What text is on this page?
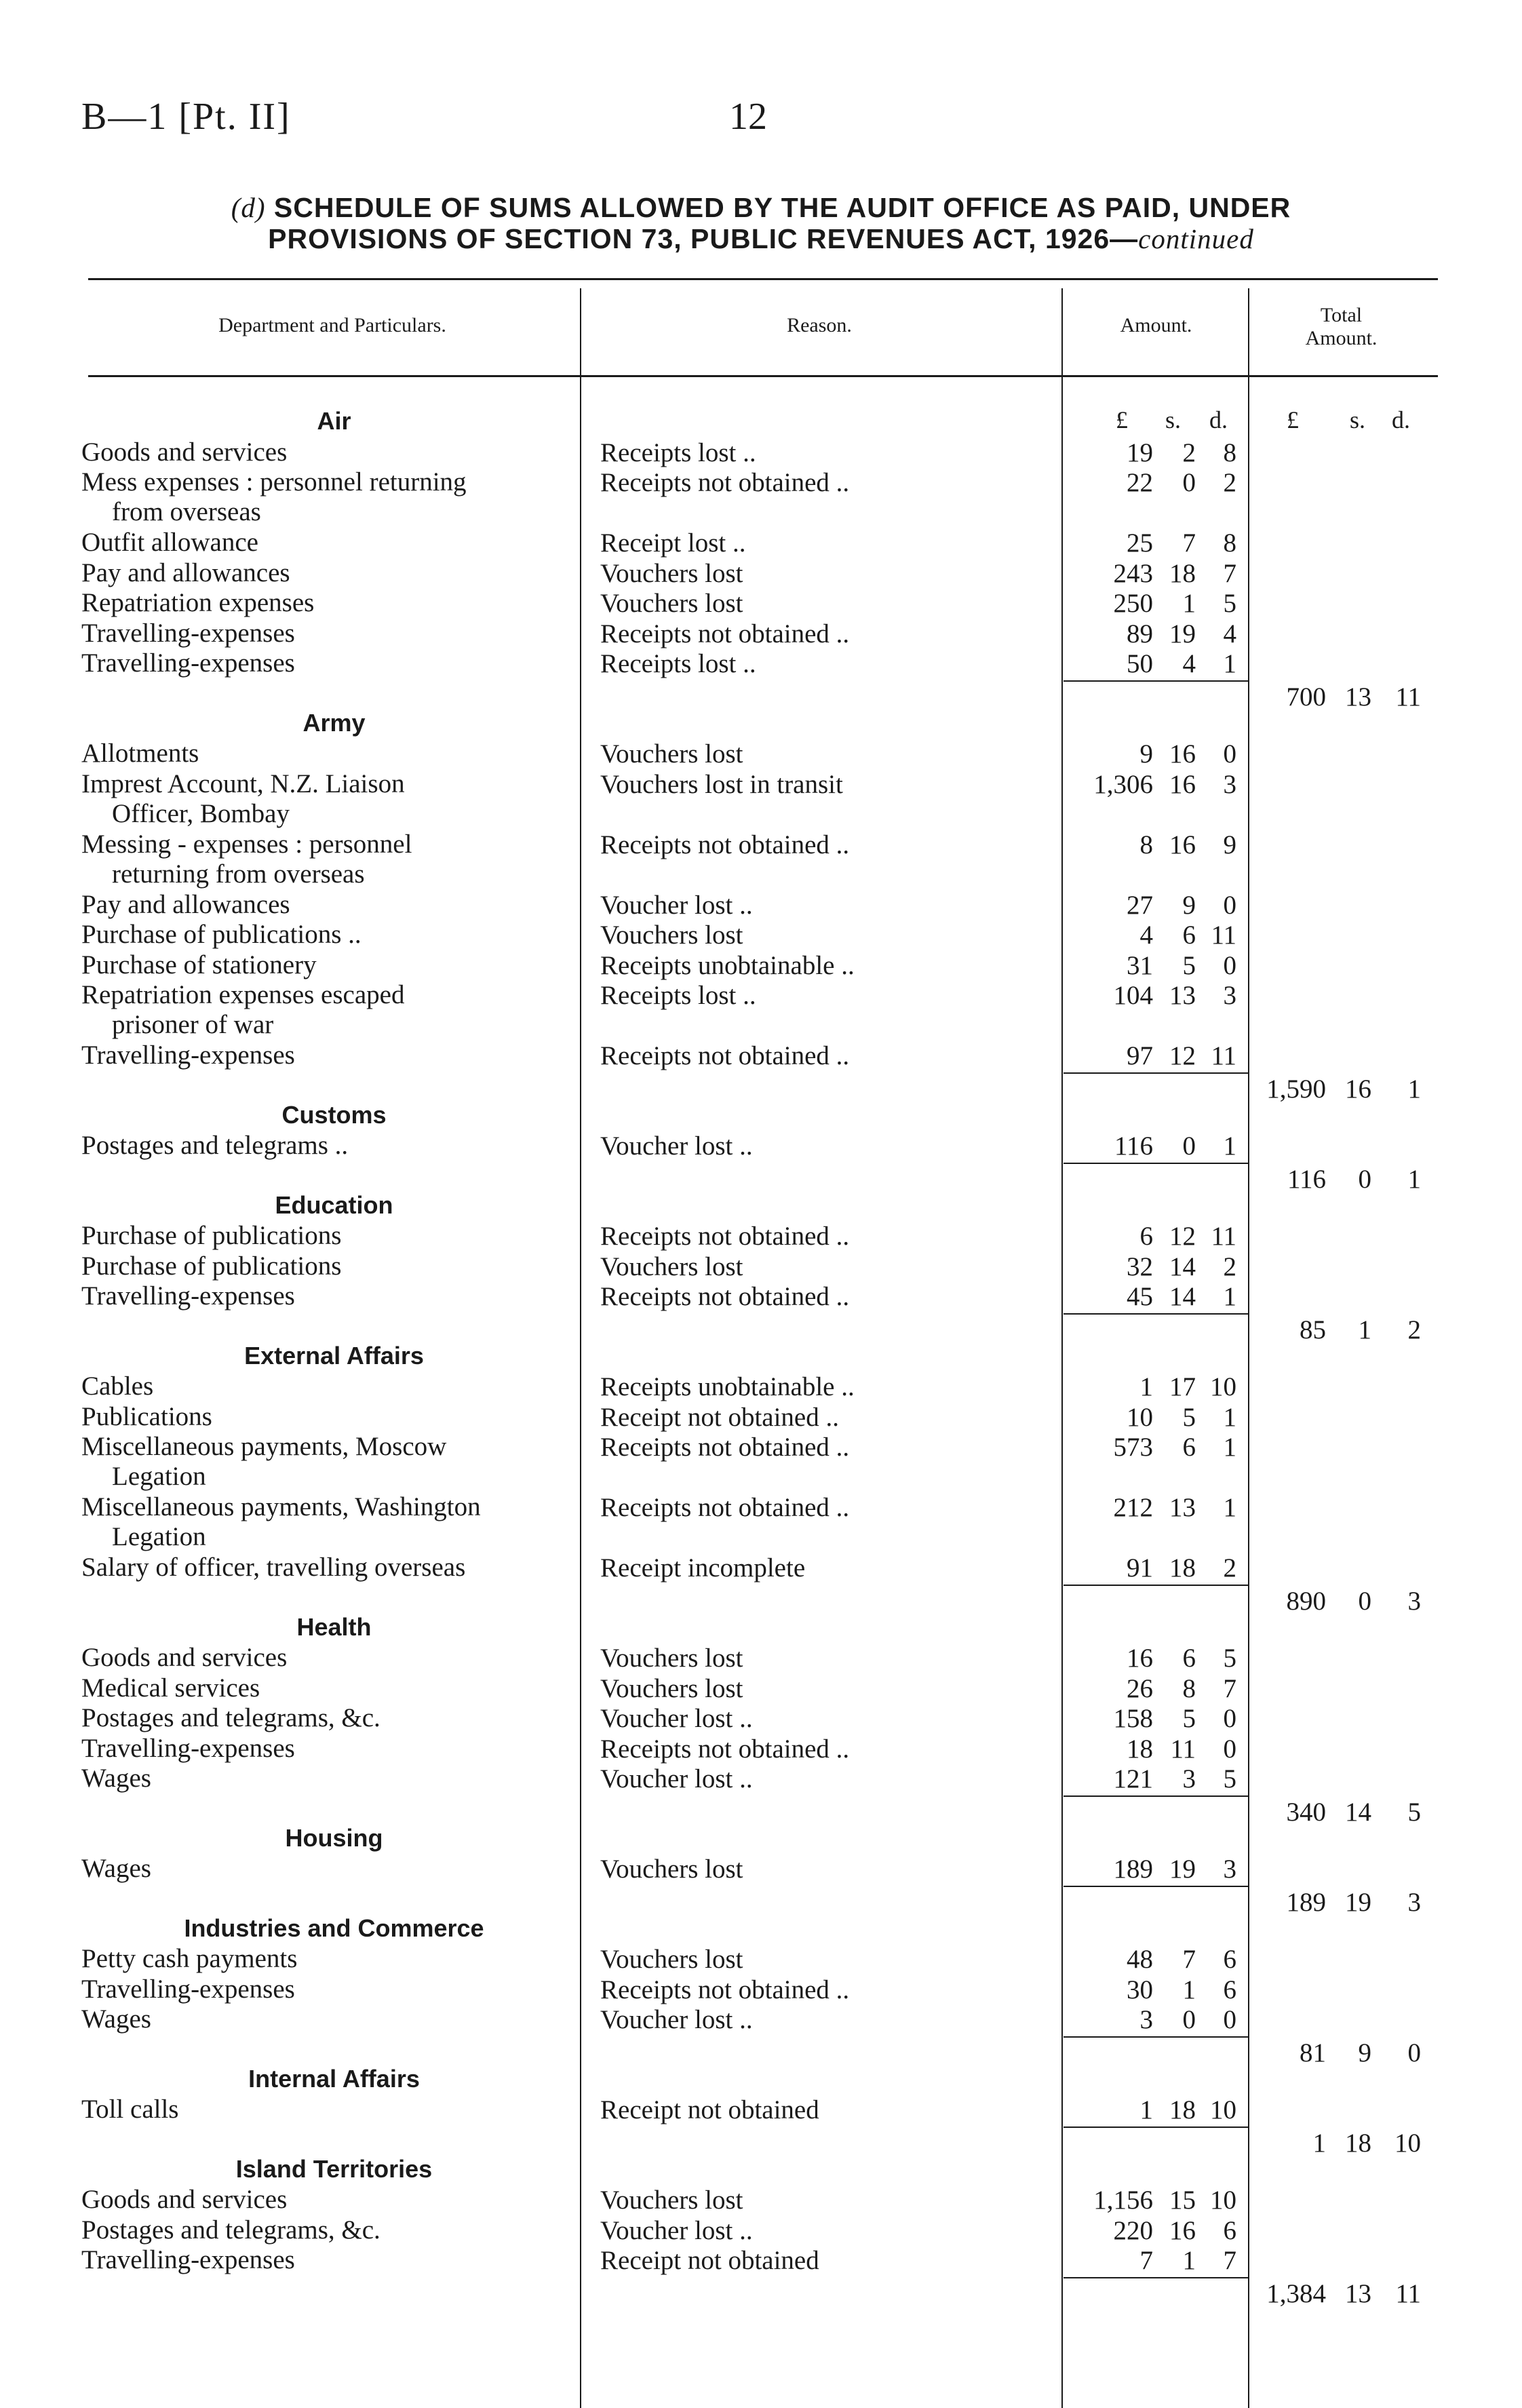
B—1 [Pt. II]	12
(d) SCHEDULE OF SUMS ALLOWED BY THE AUDIT OFFICE AS PAID, UNDER
PROVISIONS OF SECTION 73, PUBLIC REVENUES ACT, 1926—continued
Department and Particulars.	Reason.	Amount.	Total
Amount.
£ s. d. £ s. d.
Air
Goods and services	Receipts lost ..	19	2	8
Mess expenses : personnel returning
from overseas
Receipts not obtained ..	22	0	2
Outfit allowance	Receipt lost ..	25	7	8
Pay and allowances	Vouchers lost	243 18	7
Repatriation expenses	Vouchers lost	250	1	5
Travelling-expenses	Receipts not obtained ..	89 19	4
Travelling-expenses	Receipts lost ..	50	4	1
700 13 11
Army
Allotments	Vouchers lost	9 16	0
Imprest Account, N.Z. Liaison
Officer, Bombay
Vouchers lost in transit	1,306 16	3
Messing - expenses : personnel
returning from overseas
Receipts not obtained ..	8 16	9
Pay and allowances	Voucher lost ..	27	9	0
Purchase of publications ..	Vouchers lost	4	6 11
Purchase of stationery	Receipts unobtainable ..	31	5	0
Repatriation expenses escaped
prisoner of war
Receipts lost ..	104 13	3
Travelling-expenses	Receipts not obtained ..	97 12 11
1,590 16	1
Customs
Postages and telegrams ..	Voucher lost ..	116	0	1
116	0	1
Education
Purchase of publications	Receipts not obtained ..	6 12 11
Purchase of publications	Vouchers lost	32 14	2
Travelling-expenses	Receipts not obtained ..	45 14	1
85	1	2
External Affairs
Cables	Receipts unobtainable ..	1 17 10
Publications	Receipt not obtained ..	10	5	1
Miscellaneous payments, Moscow
Legation
Receipts not obtained ..	573	6	1
Miscellaneous payments, Washington
Legation
Receipts not obtained ..	212 13	1
Salary of officer, travelling overseas	Receipt incomplete	91 18	2
890	0	3
Health
Goods and services	Vouchers lost	16	6	5
Medical services	Vouchers lost	26	8	7
Postages and telegrams, &c.	Voucher lost ..	158	5	0
Travelling-expenses	Receipts not obtained ..	18 11	0
Wages	Voucher lost ..	121	3	5
340 14	5
Housing
Wages	Vouchers lost	189 19	3
189 19	3
Industries and Commerce
Petty cash payments	Vouchers lost	48	7	6
Travelling-expenses	Receipts not obtained ..	30	1	6
Wages	Voucher lost ..	3	0	0
81	9	0
Internal Affairs
Toll calls	Receipt not obtained	1 18 10
1 18 10
Island Territories
Goods and services	Vouchers lost	1,156 15 10
Postages and telegrams, &c.	Voucher lost ..	220 16	6
Travelling-expenses	Receipt not obtained	7	1	7
1,384 13 11
